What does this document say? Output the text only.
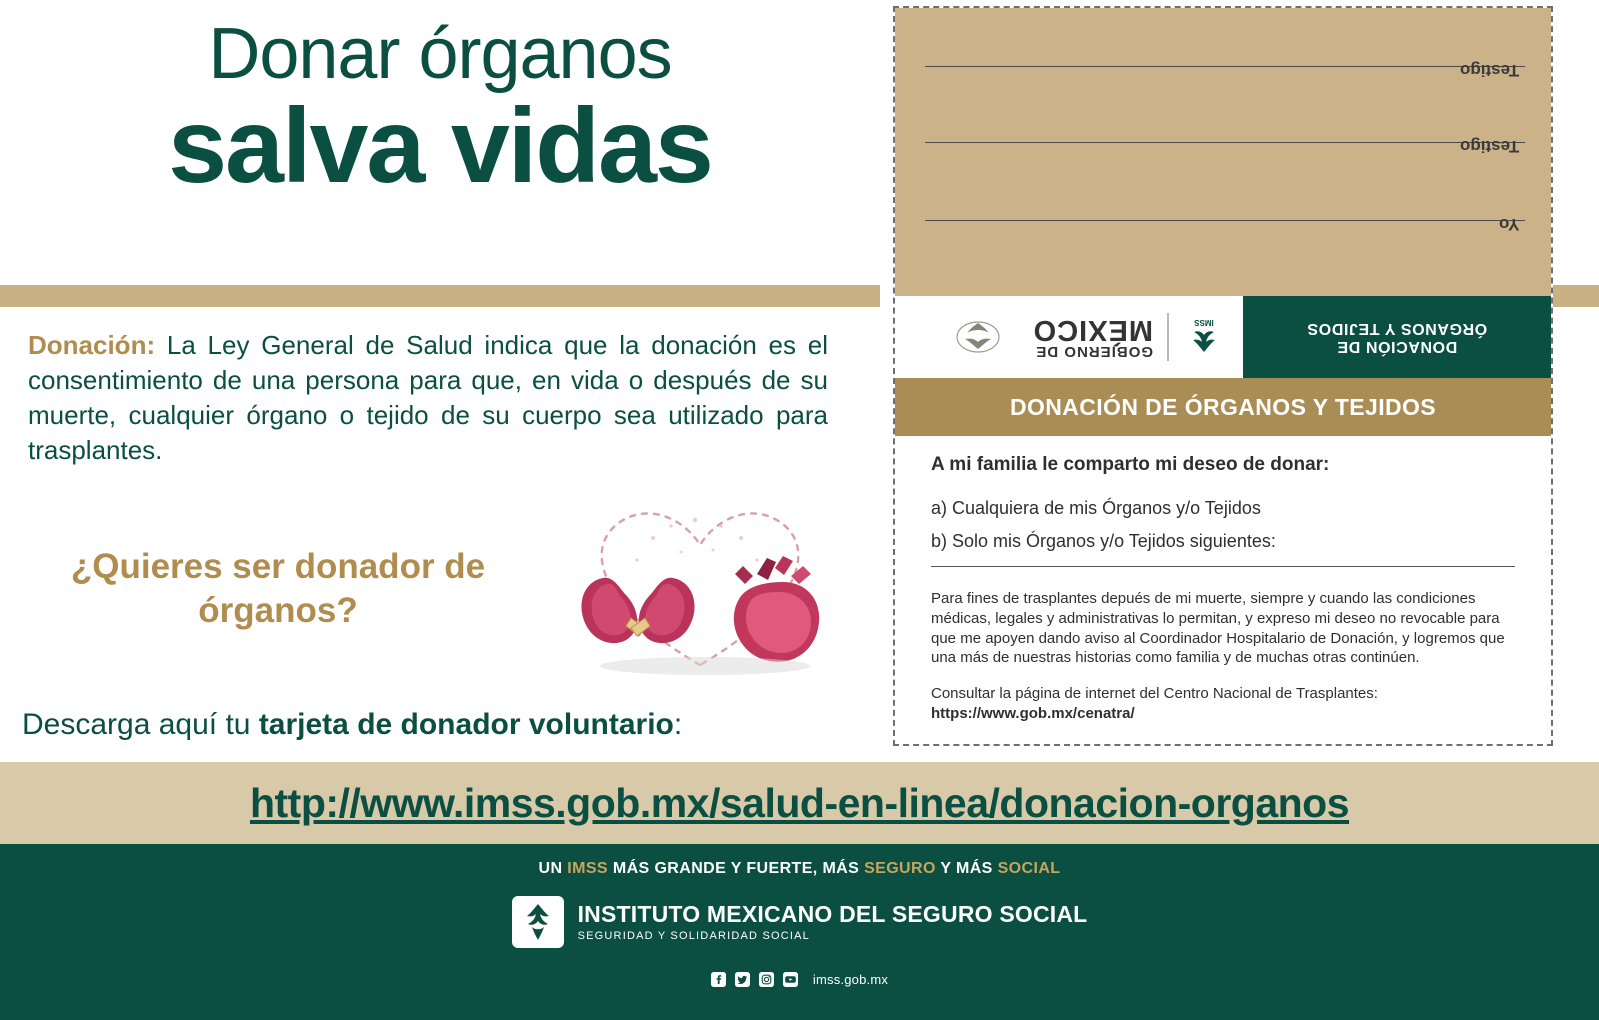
Donar órganos
salva vidas
Donación: La Ley General de Salud indica que la donación es el consentimiento de una persona para que, en vida o después de su muerte, cualquier órgano o tejido de su cuerpo sea utilizado para trasplantes.
¿Quieres ser donador de órganos?
Descarga aquí tu tarjeta de donador voluntario:
http://www.imss.gob.mx/salud-en-linea/donacion-organos
UN IMSS MÁS GRANDE Y FUERTE, MÁS SEGURO Y MÁS SOCIAL
INSTITUTO MEXICANO DEL SEGURO SOCIAL
SEGURIDAD Y SOLIDARIDAD SOCIAL
imss.gob.mx
Testigo
Testigo
Yo
IMSS
GOBIERNO DE
MÉXICO
DONACIÓN DE
ÓRGANOS Y TEJIDOS
DONACIÓN DE ÓRGANOS Y TEJIDOS
A mi familia le comparto mi deseo de donar:
a) Cualquiera de mis Órganos y/o Tejidos
b) Solo mis Órganos y/o Tejidos siguientes:
Para fines de trasplantes depués de mi muerte, siempre y cuando las condiciones médicas, legales y administrativas lo permitan, y expreso mi deseo no revocable para que me apoyen dando aviso al Coordinador Hospitalario de Donación, y logremos que una más de nuestras historias como familia y de muchas otras continúen.
Consultar la página de internet del Centro Nacional de Trasplantes:
https://www.gob.mx/cenatra/
